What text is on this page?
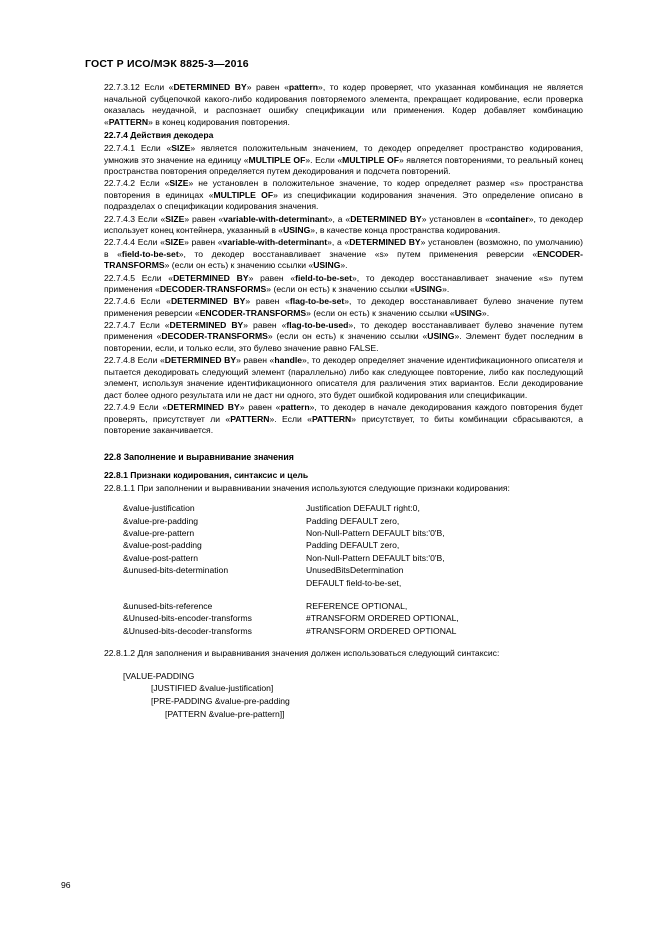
ГОСТ Р ИСО/МЭК 8825-3—2016

22.7.3.12 Если «DETERMINED BY» равен «pattern», то кодер проверяет, что указанная комбинация не является начальной субцепочкой какого-либо кодирования повторяемого элемента, прекращает кодирование, если проверка оказалась неудачной, и распознает ошибку спецификации или применения. Кодер добавляет комбинацию «PATTERN» в конец кодирования повторения.

22.7.4 Действия декодера

22.7.4.1 Если «SIZE» является положительным значением, то декодер определяет пространство кодирования, умножив это значение на единицу «MULTIPLE OF». Если «MULTIPLE OF» является повторениями, то реальный конец пространства повторения определяется путем декодирования и подсчета повторений.

22.7.4.2 Если «SIZE» не установлен в положительное значение, то кодер определяет размер «s» пространства повторения в единицах «MULTIPLE OF» из спецификации кодирования значения. Это определение описано в подразделах о спецификации кодирования значения.

22.7.4.3 Если «SIZE» равен «variable-with-determinant», а «DETERMINED BY» установлен в «container», то декодер использует конец контейнера, указанный в «USING», в качестве конца пространства кодирования.

22.7.4.4 Если «SIZE» равен «variable-with-determinant», а «DETERMINED BY» установлен (возможно, по умолчанию) в «field-to-be-set», то декодер восстанавливает значение «s» путем применения реверсии «ENCODER-TRANSFORMS» (если он есть) к значению ссылки «USING».

22.7.4.5 Если «DETERMINED BY» равен «field-to-be-set», то декодер восстанавливает значение «s» путем применения «DECODER-TRANSFORMS» (если он есть) к значению ссылки «USING».

22.7.4.6 Если «DETERMINED BY» равен «flag-to-be-set», то декодер восстанавливает булево значение путем применения реверсии «ENCODER-TRANSFORMS» (если он есть) к значению ссылки «USING».

22.7.4.7 Если «DETERMINED BY» равен «flag-to-be-used», то декодер восстанавливает булево значение путем применения «DECODER-TRANSFORMS» (если он есть) к значению ссылки «USING». Элемент будет последним в повторении, если, и только если, это булево значение равно FALSE.

22.7.4.8 Если «DETERMINED BY» равен «handle», то декодер определяет значение идентификационного описателя и пытается декодировать следующий элемент (параллельно) либо как следующее повторение, либо как последующий элемент, используя значение идентификационного описателя для различения этих вариантов. Если декодирование даст более одного результата или не даст ни одного, это будет ошибкой кодирования или спецификации.

22.7.4.9 Если «DETERMINED BY» равен «pattern», то декодер в начале декодирования каждого повторения будет проверять, присутствует ли «PATTERN». Если «PATTERN» присутствует, то биты комбинации сбрасываются, а повторение заканчивается.

22.8 Заполнение и выравнивание значения

22.8.1 Признаки кодирования, синтаксис и цель

22.8.1.1 При заполнении и выравнивании значения используются следующие признаки кодирования:

&value-justification	Justification DEFAULT right:0,
&value-pre-padding	Padding DEFAULT zero,
&value-pre-pattern	Non-Null-Pattern DEFAULT bits:'0'B,
&value-post-padding	Padding DEFAULT zero,
&value-post-pattern	Non-Null-Pattern DEFAULT bits:'0'B,
&unused-bits-determination	UnusedBitsDetermination
DEFAULT field-to-be-set,
&unused-bits-reference	REFERENCE OPTIONAL,
&Unused-bits-encoder-transforms	#TRANSFORM ORDERED OPTIONAL,
&Unused-bits-decoder-transforms	#TRANSFORM ORDERED OPTIONAL

22.8.1.2 Для заполнения и выравнивания значения должен использоваться следующий синтаксис:

[VALUE-PADDING
[JUSTIFIED &value-justification]
[PRE-PADDING &value-pre-padding
[PATTERN &value-pre-pattern]]
96
